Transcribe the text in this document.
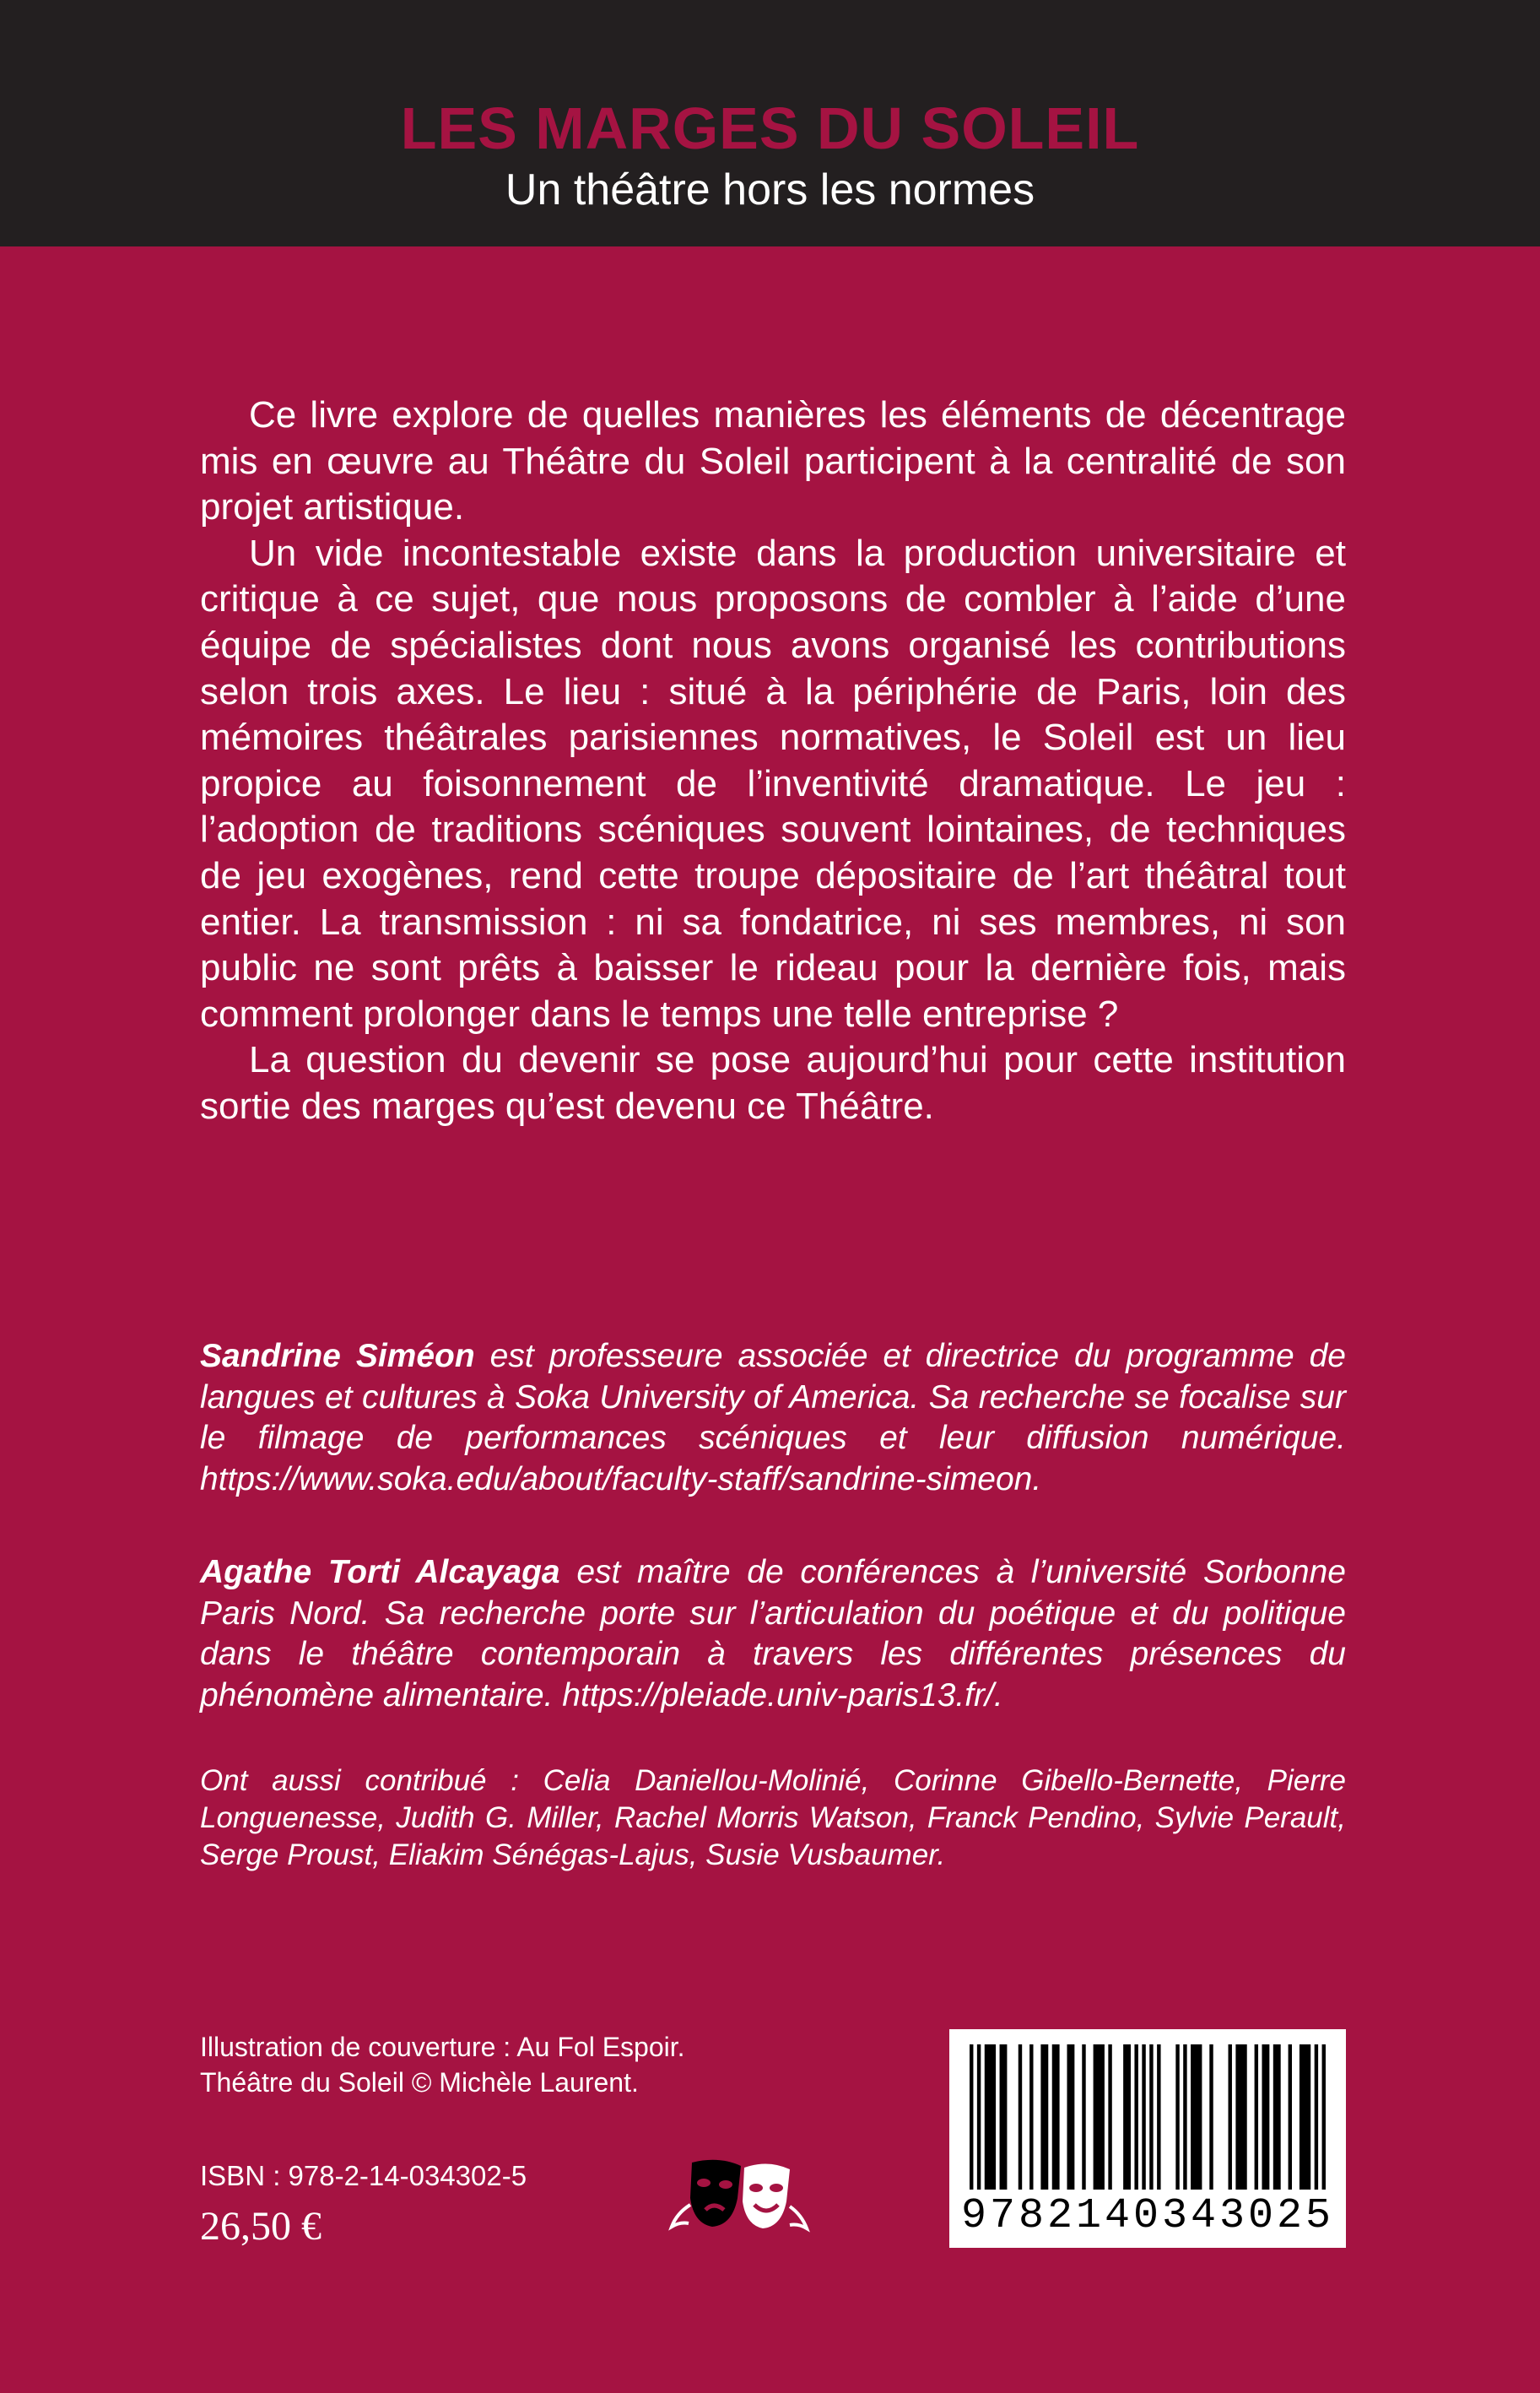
LES MARGES DU SOLEIL
Un théâtre hors les normes

Ce livre explore de quelles manières les éléments de décentrage mis en œuvre au Théâtre du Soleil participent à la centralité de son projet artistique.

Un vide incontestable existe dans la production universitaire et critique à ce sujet, que nous proposons de combler à l’aide d’une équipe de spécialistes dont nous avons organisé les contributions selon trois axes. Le lieu : situé à la périphérie de Paris, loin des mémoires théâtrales parisiennes normatives, le Soleil est un lieu propice au foisonnement de l’inventivité dramatique. Le jeu : l’adoption de traditions scéniques souvent lointaines, de techniques de jeu exogènes, rend cette troupe dépositaire de l’art théâtral tout entier. La transmission : ni sa fondatrice, ni ses membres, ni son public ne sont prêts à baisser le rideau pour la dernière fois, mais comment prolonger dans le temps une telle entreprise ?

La question du devenir se pose aujourd’hui pour cette institution sortie des marges qu’est devenu ce Théâtre.

Sandrine Siméon est professeure associée et directrice du programme de langues et cultures à Soka University of America. Sa recherche se focalise sur le filmage de performances scéniques et leur diffusion numérique. https://www.soka.edu/about/faculty-staff/sandrine-simeon.

Agathe Torti Alcayaga est maître de conférences à l’université Sorbonne Paris Nord. Sa recherche porte sur l’articulation du poétique et du politique dans le théâtre contemporain à travers les différentes présences du phénomène alimentaire. https://pleiade.univ-paris13.fr/.

Ont aussi contribué : Celia Daniellou-Molinié, Corinne Gibello-Bernette, Pierre Longuenesse, Judith G. Miller, Rachel Morris Watson, Franck Pendino, Sylvie Perault, Serge Proust, Eliakim Sénégas-Lajus, Susie Vusbaumer.

Illustration de couverture : Au Fol Espoir.
Théâtre du Soleil © Michèle Laurent.
ISBN : 978-2-14-034302-5
26,50 €	9782140343025
